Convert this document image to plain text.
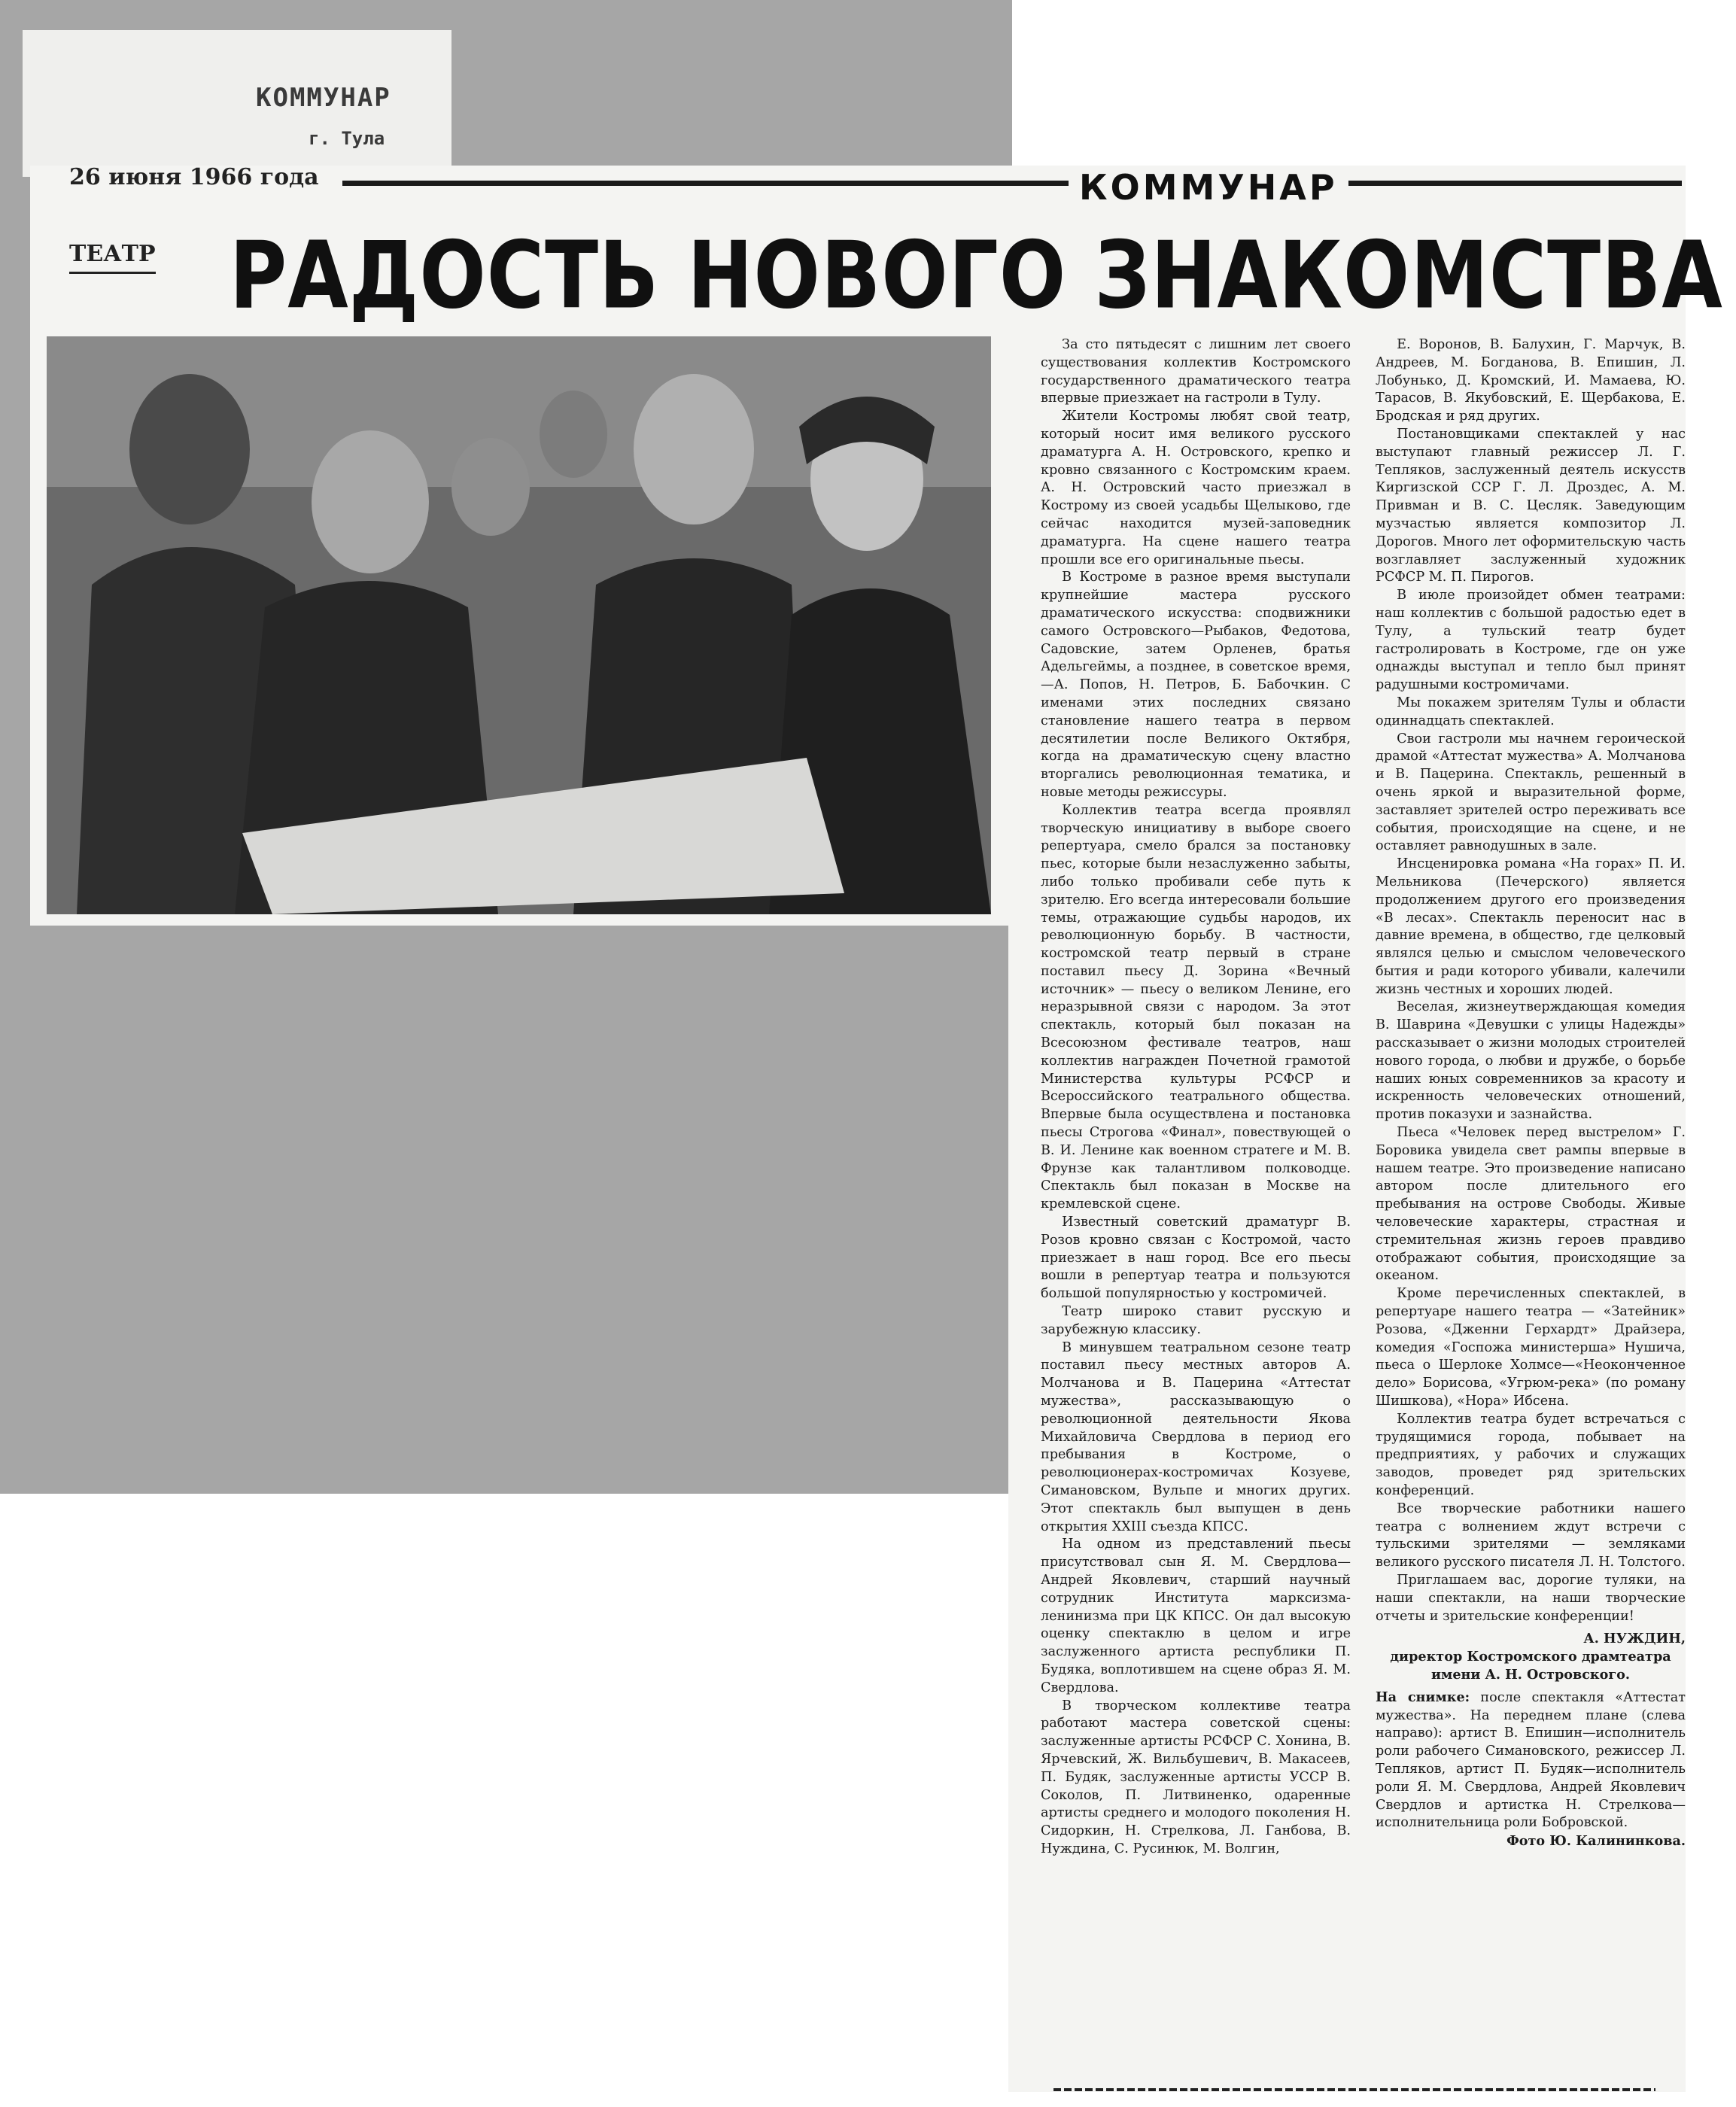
КОММУНАР
г. Тула
26 июня 1966 года	КОММУНАР
ТЕАТР РАДОСТЬ НОВОГО ЗНАКОМСТВА

За сто пятьдесят с лишним лет своего существования коллектив Костромского государственного драматического театра впервые приезжает на гастроли в Тулу.

Жители Костромы любят свой театр, который носит имя великого русского драматурга А. Н. Островского, крепко и кровно связанного с Костромским краем. А. Н. Островский часто приезжал в Кострому из своей усадьбы Щелыково, где сейчас находится музей-заповедник драматурга. На сцене нашего театра прошли все его оригинальные пьесы.

В Костроме в разное время выступали крупнейшие мастера русского драматического искусства: сподвижники самого Островского—Рыбаков, Федотова, Садовские, затем Орленев, братья Адельгеймы, а позднее, в советское время,—А. Попов, Н. Петров, Б. Бабочкин. С именами этих последних связано становление нашего театра в первом десятилетии после Великого Октября, когда на драматическую сцену властно вторгались революционная тематика, и новые методы режиссуры.

Коллектив театра всегда проявлял творческую инициативу в выборе своего репертуара, смело брался за постановку пьес, которые были незаслуженно забыты, либо только пробивали себе путь к зрителю. Его всегда интересовали большие темы, отражающие судьбы народов, их революционную борьбу. В частности, костромской театр первый в стране поставил пьесу Д. Зорина «Вечный источник» — пьесу о великом Ленине, его неразрывной связи с народом. За этот спектакль, который был показан на Всесоюзном фестивале театров, наш коллектив награжден Почетной грамотой Министерства культуры РСФСР и Всероссийского театрального общества. Впервые была осуществлена и постановка пьесы Строгова «Финал», повествующей о В. И. Ленине как военном стратеге и М. В. Фрунзе как талантливом полководце. Спектакль был показан в Москве на кремлевской сцене.

Известный советский драматург В. Розов кровно связан с Костромой, часто приезжает в наш город. Все его пьесы вошли в репертуар театра и пользуются большой популярностью у костромичей.

Театр широко ставит русскую и зарубежную классику.

В минувшем театральном сезоне театр поставил пьесу местных авторов А. Молчанова и В. Пацерина «Аттестат мужества», рассказывающую о революционной деятельности Якова Михайловича Свердлова в период его пребывания в Костроме, о революционерах-костромичах Козуеве, Симановском, Вульпе и многих других. Этот спектакль был выпущен в день открытия XXIII съезда КПСС.

На одном из представлений пьесы присутствовал сын Я. М. Свердлова—Андрей Яковлевич, старший научный сотрудник Института марксизма-ленинизма при ЦК КПСС. Он дал высокую оценку спектаклю в целом и игре заслуженного артиста республики П. Будяка, воплотившем на сцене образ Я. М. Свердлова.

В творческом коллективе театра работают мастера советской сцены: заслуженные артисты РСФСР С. Хонина, В. Ярчевский, Ж. Вильбушевич, В. Макасеев, П. Будяк, заслуженные артисты УССР В. Соколов, П. Литвиненко, одаренные артисты среднего и молодого поколения Н. Сидоркин, Н. Стрелкова, Л. Ганбова, В. Нуждина, С. Русинюк, М. Волгин,

Е. Воронов, В. Балухин, Г. Марчук, В. Андреев, М. Богданова, В. Епишин, Л. Лобунько, Д. Кромский, И. Мамаева, Ю. Тарасов, В. Якубовский, Е. Щербакова, Е. Бродская и ряд других.

Постановщиками спектаклей у нас выступают главный режиссер Л. Г. Тепляков, заслуженный деятель искусств Киргизской ССР Г. Л. Дроздес, А. М. Привман и В. С. Цесляк. Заведующим музчастью является композитор Л. Дорогов. Много лет оформительскую часть возглавляет заслуженный художник РСФСР М. П. Пирогов.

В июле произойдет обмен театрами: наш коллектив с большой радостью едет в Тулу, а тульский театр будет гастролировать в Костроме, где он уже однажды выступал и тепло был принят радушными костромичами.

Мы покажем зрителям Тулы и области одиннадцать спектаклей.

Свои гастроли мы начнем героической драмой «Аттестат мужества» А. Молчанова и В. Пацерина. Спектакль, решенный в очень яркой и выразительной форме, заставляет зрителей остро переживать все события, происходящие на сцене, и не оставляет равнодушных в зале.

Инсценировка романа «На горах» П. И. Мельникова (Печерского) является продолжением другого его произведения «В лесах». Спектакль переносит нас в давние времена, в общество, где целковый являлся целью и смыслом человеческого бытия и ради которого убивали, калечили жизнь честных и хороших людей.

Веселая, жизнеутверждающая комедия В. Шаврина «Девушки с улицы Надежды» рассказывает о жизни молодых строителей нового города, о любви и дружбе, о борьбе наших юных современников за красоту и искренность человеческих отношений, против показухи и зазнайства.

Пьеса «Человек перед выстрелом» Г. Боровика увидела свет рампы впервые в нашем театре. Это произведение написано автором после длительного его пребывания на острове Свободы. Живые человеческие характеры, страстная и стремительная жизнь героев правдиво отображают события, происходящие за океаном.

Кроме перечисленных спектаклей, в репертуаре нашего театра — «Затейник» Розова, «Дженни Герхардт» Драйзера, комедия «Госпожа министерша» Нушича, пьеса о Шерлоке Холмсе—«Неоконченное дело» Борисова, «Угрюм-река» (по роману Шишкова), «Нора» Ибсена.

Коллектив театра будет встречаться с трудящимися города, побывает на предприятиях, у рабочих и служащих заводов, проведет ряд зрительских конференций.

Все творческие работники нашего театра с волнением ждут встречи с тульскими зрителями — земляками великого русского писателя Л. Н. Толстого.

Приглашаем вас, дорогие туляки, на наши спектакли, на наши творческие отчеты и зрительские конференции!

А. НУЖДИН,

директор Костромского драмтеатра имени А. Н. Островского.

На снимке: после спектакля «Аттестат мужества». На переднем плане (слева направо): артист В. Епишин—исполнитель роли рабочего Симановского, режиссер Л. Тепляков, артист П. Будяк—исполнитель роли Я. М. Свердлова, Андрей Яковлевич Свердлов и артистка Н. Стрелкова—исполнительница роли Бобровской.

Фото Ю. Калининкова.
